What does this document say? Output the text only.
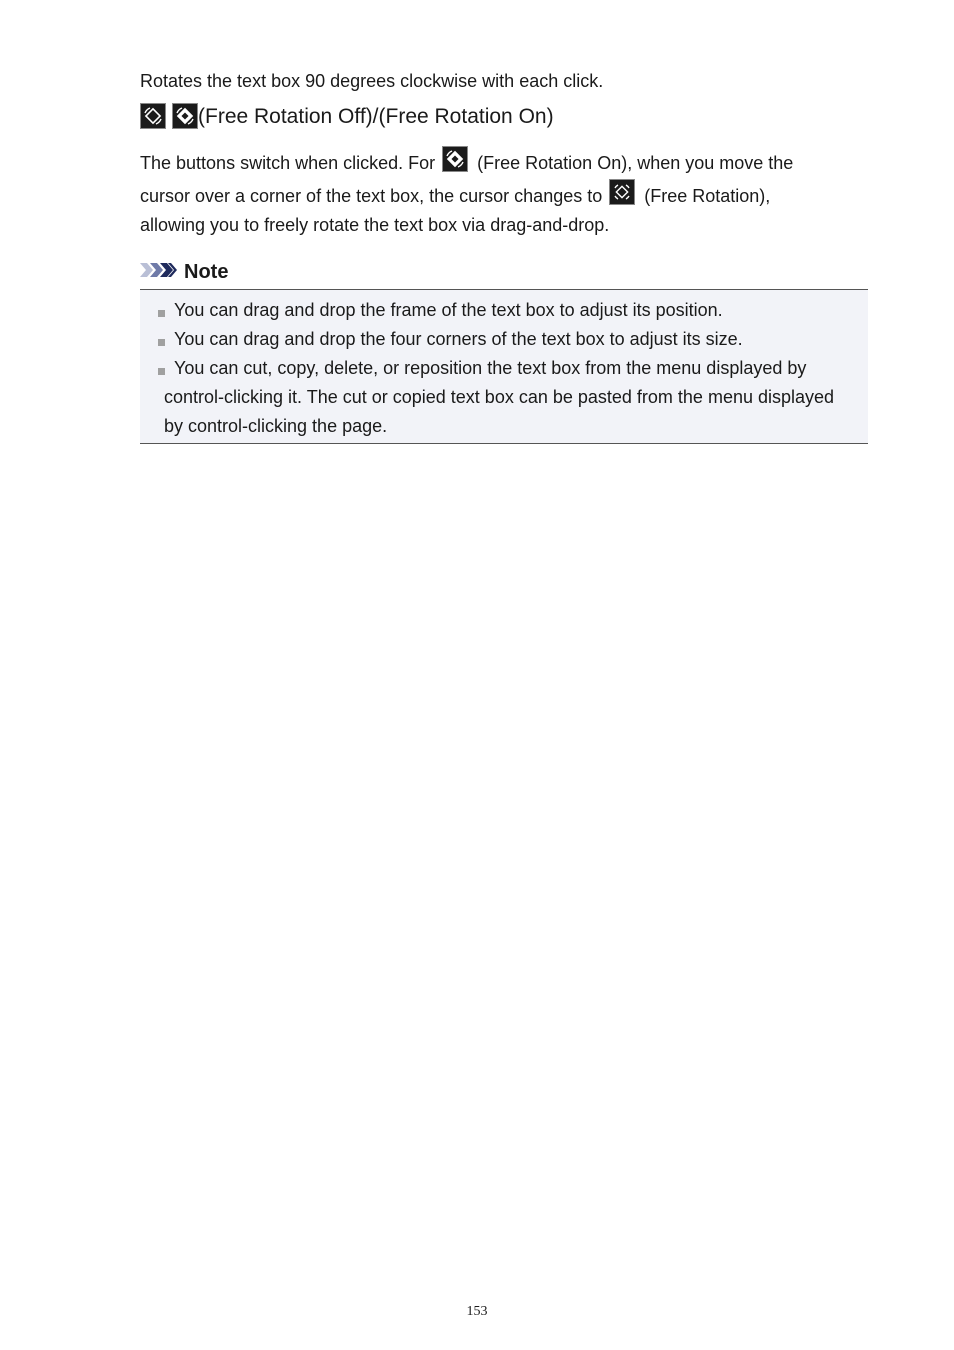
Rotates the text box 90 degrees clockwise with each click.

(Free Rotation Off)/(Free Rotation On)

The buttons switch when clicked. For
(Free Rotation On), when you move the
cursor over a corner of the text box, the cursor changes to
(Free Rotation),
allowing you to freely rotate the text box via drag-and-drop.

Note
You can drag and drop the frame of the text box to adjust its position.
You can drag and drop the four corners of the text box to adjust its size.
You can cut, copy, delete, or reposition the text box from the menu displayed by control-clicking it. The cut or copied text box can be pasted from the menu displayed by control-clicking the page.
153
